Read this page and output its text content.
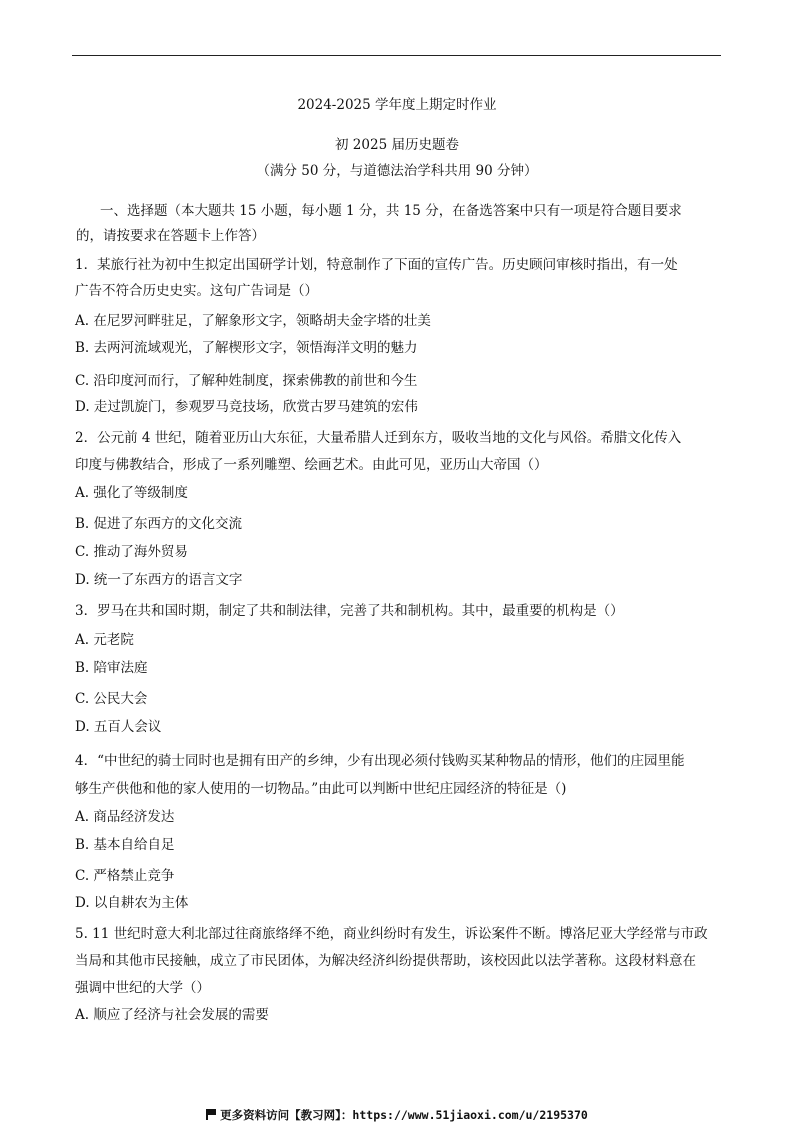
2024-2025 学年度上期定时作业
初 2025 届历史题卷
（满分 50 分，与道德法治学科共用 90 分钟）
一、选择题（本大题共 15 小题，每小题 1 分，共 15 分，在备选答案中只有一项是符合题目要求
的，请按要求在答题卡上作答）
1．某旅行社为初中生拟定出国研学计划，特意制作了下面的宣传广告。历史顾问审核时指出，有一处
广告不符合历史史实。这句广告词是（）
A. 在尼罗河畔驻足，了解象形文字，领略胡夫金字塔的壮美
B. 去两河流域观光，了解楔形文字，领悟海洋文明的魅力
C. 沿印度河而行，了解种姓制度，探索佛教的前世和今生
D. 走过凯旋门，参观罗马竞技场，欣赏古罗马建筑的宏伟
2．公元前 4 世纪，随着亚历山大东征，大量希腊人迁到东方，吸收当地的文化与风俗。希腊文化传入
印度与佛教结合，形成了一系列雕塑、绘画艺术。由此可见，亚历山大帝国（）
A. 强化了等级制度
B. 促进了东西方的文化交流
C. 推动了海外贸易
D. 统一了东西方的语言文字
3．罗马在共和国时期，制定了共和制法律，完善了共和制机构。其中，最重要的机构是（）
A. 元老院
B. 陪审法庭
C. 公民大会
D. 五百人会议
4．“中世纪的骑士同时也是拥有田产的乡绅，少有出现必须付钱购买某种物品的情形，他们的庄园里能
够生产供他和他的家人使用的一切物品。”由此可以判断中世纪庄园经济的特征是（)
A. 商品经济发达
B. 基本自给自足
C. 严格禁止竞争
D. 以自耕农为主体
5. 11 世纪时意大利北部过往商旅络绎不绝，商业纠纷时有发生，诉讼案件不断。博洛尼亚大学经常与市政
当局和其他市民接触，成立了市民团体，为解决经济纠纷提供帮助，该校因此以法学著称。这段材料意在
强调中世纪的大学（）
A. 顺应了经济与社会发展的需要
更多资料访问【教习网】：https://www.51jiaoxi.com/u/2195370
